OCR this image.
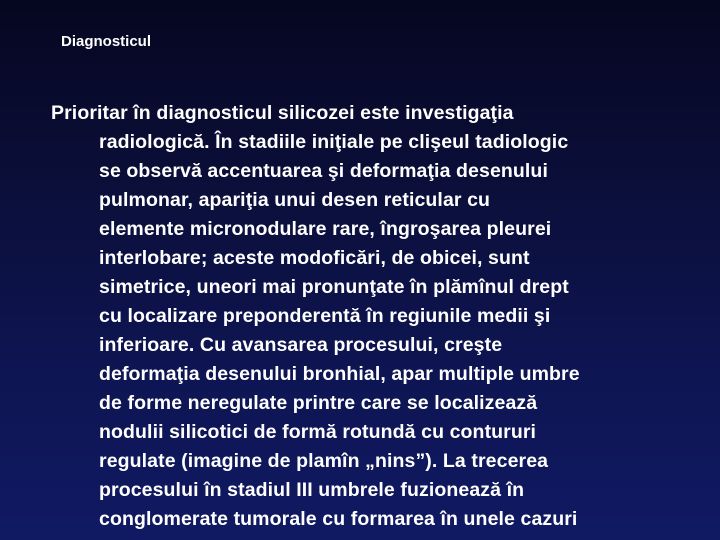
Diagnosticul
Prioritar în diagnosticul silicozei este investigaţia
radiologică. În stadiile iniţiale pe clişeul tadiologic
se observă accentuarea şi deformaţia desenului
pulmonar, apariţia unui desen reticular cu
elemente micronodulare rare, îngroşarea pleurei
interlobare; aceste modoficări, de obicei, sunt
simetrice, uneori mai pronunţate în plămînul drept
cu localizare preponderentă în regiunile medii şi
inferioare. Cu avansarea procesului, creşte
deformaţia desenului bronhial, apar multiple umbre
de forme neregulate printre care se localizează
nodulii silicotici de formă rotundă cu contururi
regulate (imagine de plamîn „nins”). La trecerea
procesului în stadiul III umbrele fuzionează în
conglomerate tumorale cu formarea în unele cazuri
